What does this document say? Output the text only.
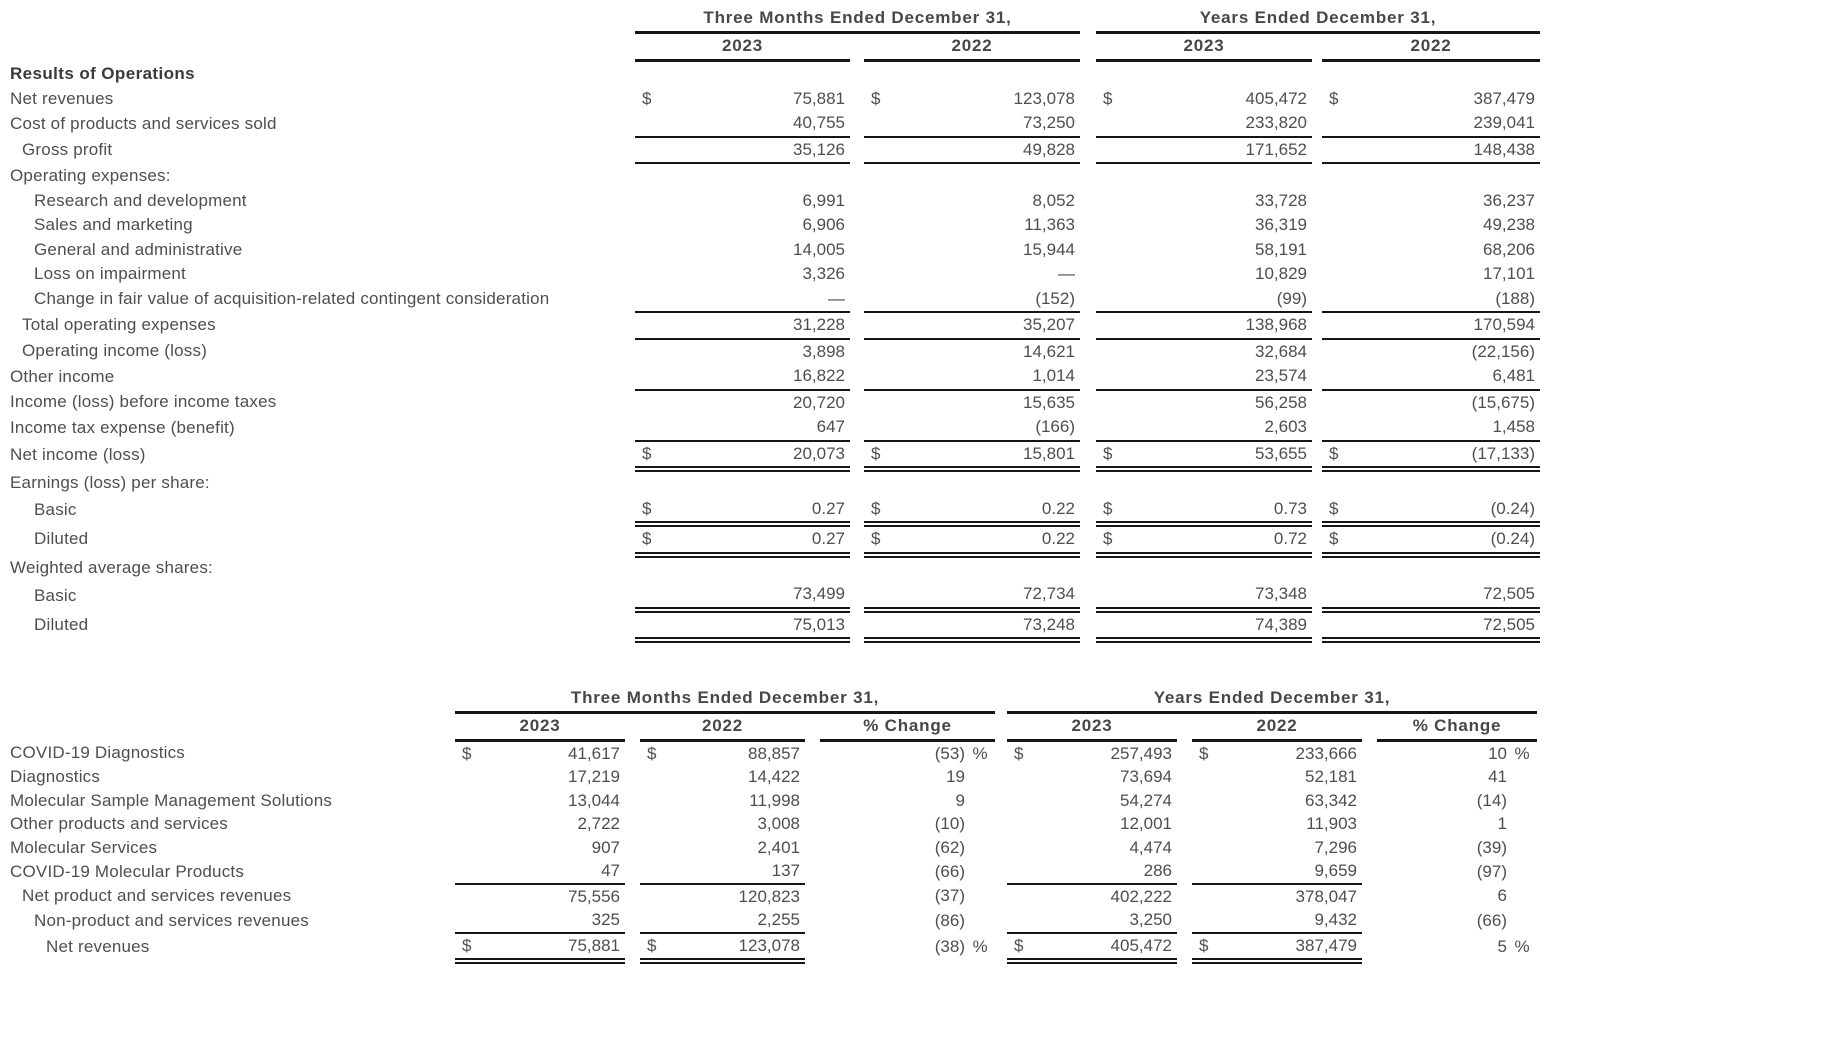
	Three Months Ended December 31,				Years Ended December 31,		
	2023		2022		2023		2022
Results of Operations	

Net revenues	$ 75,881		$ 123,078		$ 405,472		$ 387,479

Cost of products and services sold	40,755		73,250		233,820		239,041

Gross profit	35,126		49,828		171,652		148,438

Operating expenses:	

Research and development	6,991		8,052		33,728		36,237

Sales and marketing	6,906		11,363		36,319		49,238

General and administrative	14,005		15,944		58,191		68,206

Loss on impairment	3,326		—		10,829		17,101

Change in fair value of acquisition-related contingent consideration	—		(152)		(99)		(188)

Total operating expenses	31,228		35,207		138,968		170,594

Operating income (loss)	3,898		14,621		32,684		(22,156)

Other income	16,822		1,014		23,574		6,481

Income (loss) before income taxes	20,720		15,635		56,258		(15,675)

Income tax expense (benefit)	647		(166)		2,603		1,458

Net income (loss)	$ 20,073		$ 15,801		$ 53,655		$ (17,133)

Earnings (loss) per share:	

Basic	$ 0.27		$ 0.22		$ 0.73		$ (0.24)

Diluted	$ 0.27		$ 0.22		$ 0.72		$ (0.24)

Weighted average shares:	

Basic	73,499		72,734		73,348		72,505

Diluted	75,013		73,248		74,389		72,505
	Three Months Ended December 31,						Years Ended December 31,				
	2023		2022		% Change		2023		2022		% Change
COVID-19 Diagnostics	$ 41,617		$ 88,857		(53) %		$ 257,493		$ 233,666		10 %

Diagnostics	17,219		14,422		19		73,694		52,181		41

Molecular Sample Management Solutions	13,044		11,998		9		54,274		63,342		(14)

Other products and services	2,722		3,008		(10)		12,001		11,903		1

Molecular Services	907		2,401		(62)		4,474		7,296		(39)

COVID-19 Molecular Products	47		137		(66)		286		9,659		(97)

Net product and services revenues	75,556		120,823		(37)		402,222		378,047		6

Non-product and services revenues	325		2,255		(86)		3,250		9,432		(66)

Net revenues	$ 75,881		$ 123,078		(38) %		$ 405,472		$ 387,479		5 %
